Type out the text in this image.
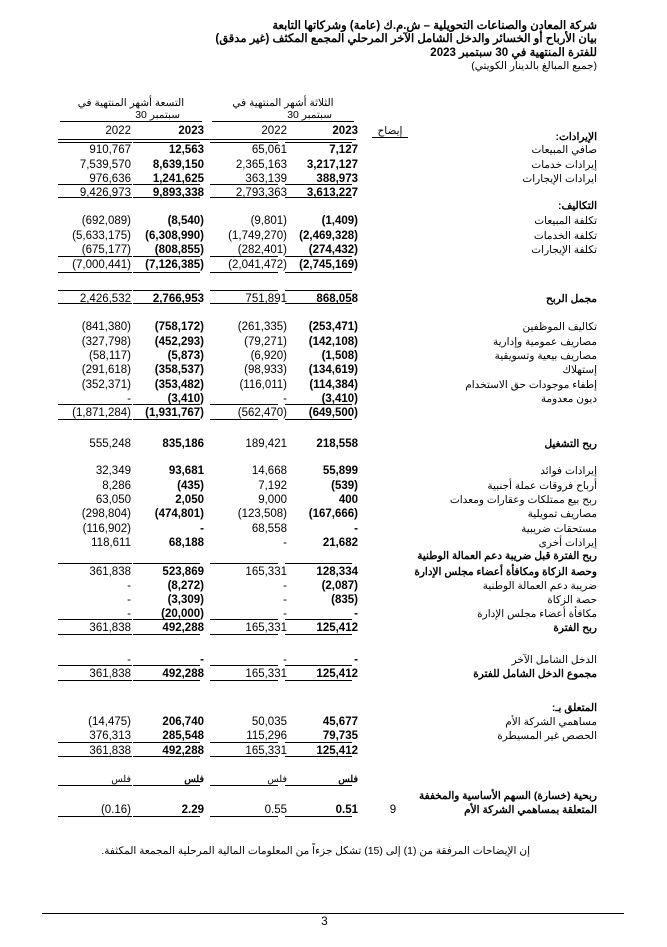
شركة المعادن والصناعات التحويلية – ش.م.ك (عامة) وشركاتها التابعة
بيان الأرباح أو الخسائر والدخل الشامل الآخر المرحلي المجمع المكثف (غير مدقق)
للفترة المنتهية في 30 سبتمبر 2023
(جميع المبالغ بالدينار الكويتي)
الثلاثة أشهر المنتهية في
30 سبتمبر
التسعة أشهر المنتهية في
30 سبتمبر
2023
2022
2023
2022	إيضاح	الإيرادات:
صافي المبيعات
7,127
65,061
12,563
910,767
إيرادات خدمات
3,217,127
2,365,163
8,639,150
7,539,570
ايرادات الإيجارات
388,973
363,139
1,241,625
976,636
3,613,227
2,793,363
9,893,338
9,426,973
التكاليف:
تكلفة المبيعات
(1,409)
(9,801)
(8,540)
(692,089)
تكلفة الخدمات
(2,469,328)
(1,749,270)
(6,308,990)
(5,633,175)
تكلفة الإيجارات
(274,432)
(282,401)
(808,855)
(675,177)
(2,745,169)
(2,041,472)
(7,126,385)
(7,000,441)
مجمل الربح
868,058
751,891
2,766,953
2,426,532
تكاليف الموظفين
(253,471)
(261,335)
(758,172)
(841,380)
مصاريف عمومية وإدارية
(142,108)
(79,271)
(452,293)
(327,798)
مصاريف بيعية وتسويقية
(1,508)
(6,920)
(5,873)
(58,117)
إستهلاك
(134,619)
(98,933)
(358,537)
(291,618)
إطفاء موجودات حق الاستخدام
(114,384)
(116,011)
(353,482)
(352,371)
ديون معدومة
(3,410)
-
(3,410)
-
(649,500)
(562,470)
(1,931,767)
(1,871,284)
ربح التشغيل
218,558
189,421
835,186
555,248
إيرادات فوائد
55,899
14,668
93,681
32,349
أرباح فروقات عملة أجنبية
(539)
7,192
(435)
8,286
ربح بيع ممتلكات وعقارات ومعدات
400
9,000
2,050
63,050
مصاريف تمويلية
(167,666)
(123,508)
(474,801)
(298,804)
مستحقات ضريبية
-
68,558
-
(116,902)
إيرادات أخرى
21,682
-
68,188
118,611
ربح الفترة قبل ضريبة دعم العمالة الوطنية
وحصة الزكاة ومكافأة أعضاء مجلس الإدارة
128,334
165,331
523,869
361,838
ضريبة دعم العمالة الوطنية
(2,087)
-
(8,272)
-
حصة الزكاة
(835)
-
(3,309)
-
مكافأة أعضاء مجلس الإدارة
-
-
(20,000)
-
ربح الفترة
125,412
165,331
492,288
361,838
الدخل الشامل الآخر
-
-
-
-
مجموع الدخل الشامل للفترة
125,412
165,331
492,288
361,838
المتعلق بـ:
مساهمي الشركة الأم
45,677
50,035
206,740
(14,475)
الحصص غير المسيطرة
79,735
115,296
285,548
376,313
125,412
165,331
492,288
361,838
فلس
فلس
فلس
فلس
ربحية (خسارة) السهم الأساسية والمخففة
المتعلقة بمساهمي الشركة الأم
9
0.51
0.55
2.29
(0.16)
إن الإيضاحات المرفقة من (1) إلى (15) تشكل جزءاً من المعلومات المالية المرحلية المجمعة المكثفة.
3
